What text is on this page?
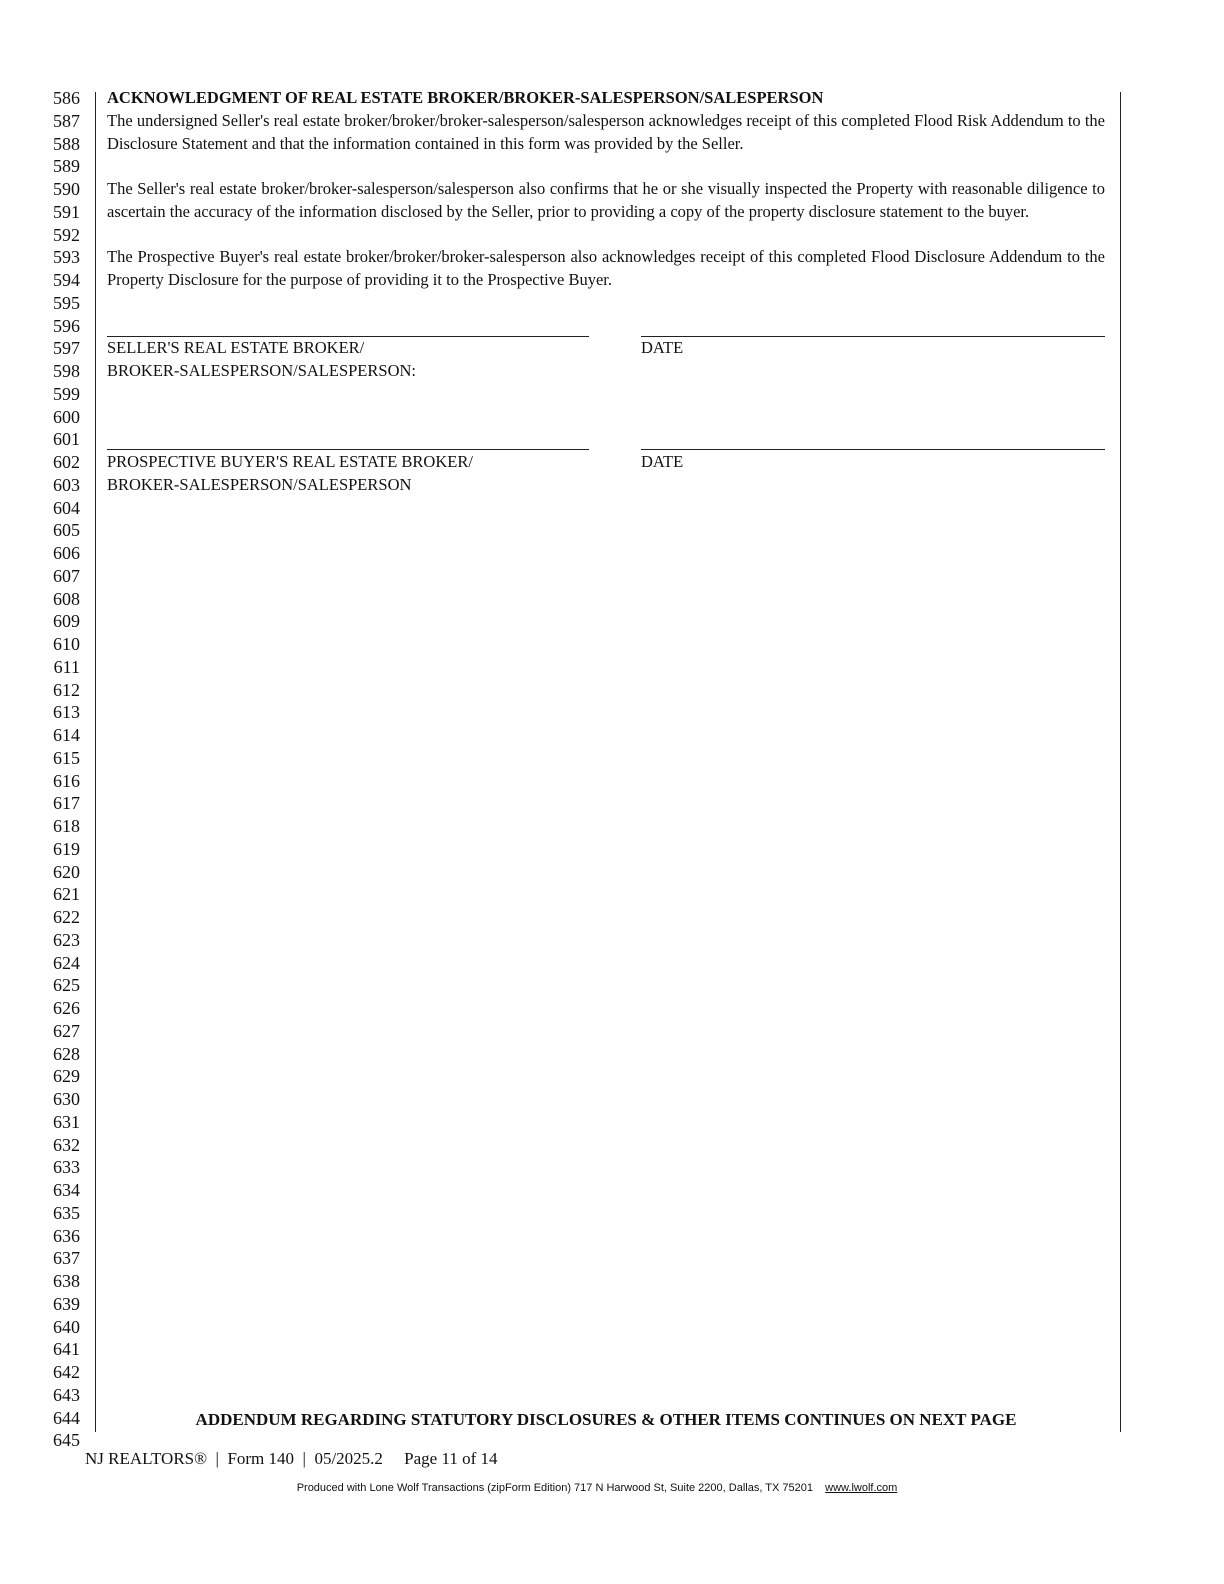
586
587
588
589
590
591
592
593
594
595
596
597
598
599
600
601
602
603
604
605
606
607
608
609
610
611
612
613
614
615
616
617
618
619
620
621
622
623
624
625
626
627
628
629
630
631
632
633
634
635
636
637
638
639
640
641
642
643
644
645

ACKNOWLEDGMENT OF REAL ESTATE BROKER/BROKER-SALESPERSON/SALESPERSON

The undersigned Seller's real estate broker/broker/broker-salesperson/salesperson acknowledges receipt of this completed Flood Risk Addendum to the Disclosure Statement and that the information contained in this form was provided by the Seller.

The Seller's real estate broker/broker-salesperson/salesperson also confirms that he or she visually inspected the Property with reasonable diligence to ascertain the accuracy of the information disclosed by the Seller, prior to providing a copy of the property disclosure statement to the buyer.

The Prospective Buyer's real estate broker/broker/broker-salesperson also acknowledges receipt of this completed Flood Disclosure Addendum to the Property Disclosure for the purpose of providing it to the Prospective Buyer.

SELLER'S REAL ESTATE BROKER/
BROKER-SALESPERSON/SALESPERSON:
DATE
PROSPECTIVE BUYER'S REAL ESTATE BROKER/
BROKER-SALESPERSON/SALESPERSON
DATE
ADDENDUM REGARDING STATUTORY DISCLOSURES & OTHER ITEMS CONTINUES ON NEXT PAGE
NJ REALTORS® | Form 140 | 05/2025.2 Page 11 of 14
Produced with Lone Wolf Transactions (zipForm Edition) 717 N Harwood St, Suite 2200, Dallas, TX 75201 www.lwolf.com
